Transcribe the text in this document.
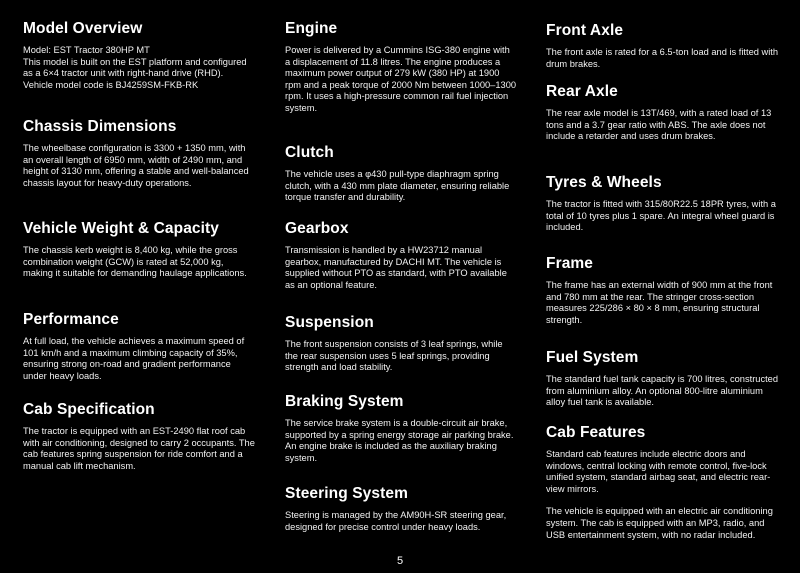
Model Overview

Model: EST Tractor 380HP MT

This model is built on the EST platform and configured as a 6×4 tractor unit with right-hand drive (RHD). Vehicle model code is BJ4259SM-FKB-RK

Chassis Dimensions

The wheelbase configuration is 3300 + 1350 mm, with an overall length of 6950 mm, width of 2490 mm, and height of 3130 mm, offering a stable and well-balanced chassis layout for heavy-duty operations.

Vehicle Weight & Capacity

The chassis kerb weight is 8,400 kg, while the gross combination weight (GCW) is rated at 52,000 kg, making it suitable for demanding haulage applications.

Performance

At full load, the vehicle achieves a maximum speed of 101 km/h and a maximum climbing capacity of 35%, ensuring strong on-road and gradient performance under heavy loads.

Cab Specification

The tractor is equipped with an EST-2490 flat roof cab with air conditioning, designed to carry 2 occupants. The cab features spring suspension for ride comfort and a manual cab lift mechanism.

Engine

Power is delivered by a Cummins ISG-380 engine with a displacement of 11.8 litres. The engine produces a maximum power output of 279 kW (380 HP) at 1900 rpm and a peak torque of 2000 Nm between 1000–1300 rpm. It uses a high-pressure common rail fuel injection system.

Clutch

The vehicle uses a φ430 pull-type diaphragm spring clutch, with a 430 mm plate diameter, ensuring reliable torque transfer and durability.

Gearbox

Transmission is handled by a HW23712 manual gearbox, manufactured by DACHI MT. The vehicle is supplied without PTO as standard, with PTO available as an optional feature.

Suspension

The front suspension consists of 3 leaf springs, while the rear suspension uses 5 leaf springs, providing strength and load stability.

Braking System

The service brake system is a double-circuit air brake, supported by a spring energy storage air parking brake. An engine brake is included as the auxiliary braking system.

Steering System

Steering is managed by the AM90H-SR steering gear, designed for precise control under heavy loads.

Front Axle

The front axle is rated for a 6.5-ton load and is fitted with drum brakes.

Rear Axle

The rear axle model is 13T/469, with a rated load of 13 tons and a 3.7 gear ratio with ABS. The axle does not include a retarder and uses drum brakes.

Tyres & Wheels

The tractor is fitted with 315/80R22.5 18PR tyres, with a total of 10 tyres plus 1 spare. An integral wheel guard is included.

Frame

The frame has an external width of 900 mm at the front and 780 mm at the rear. The stringer cross-section measures 225/286 × 80 × 8 mm, ensuring structural strength.

Fuel System

The standard fuel tank capacity is 700 litres, constructed from aluminium alloy. An optional 800-litre aluminium alloy fuel tank is available.

Cab Features

Standard cab features include electric doors and windows, central locking with remote control, five-lock unified system, standard airbag seat, and electric rear-view mirrors.

The vehicle is equipped with an electric air conditioning system. The cab is equipped with an MP3, radio, and USB entertainment system, with no radar included.

5
